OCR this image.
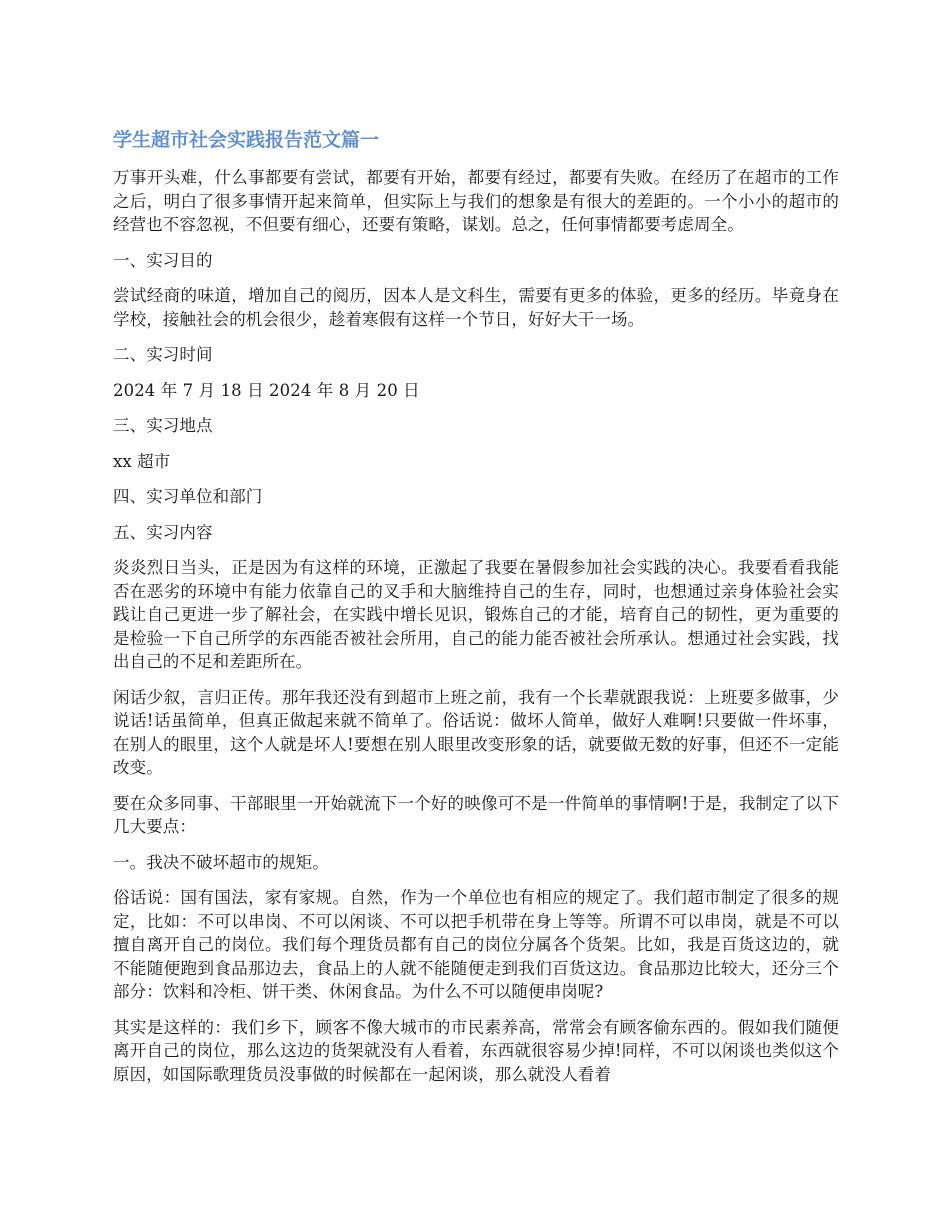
学生超市社会实践报告范文篇一

万事开头难，什么事都要有尝试，都要有开始，都要有经过，都要有失败。在经历了在超市的工作之后，明白了很多事情开起来简单，但实际上与我们的想象是有很大的差距的。一个小小的超市的经营也不容忽视，不但要有细心，还要有策略，谋划。总之，任何事情都要考虑周全。

一、实习目的

尝试经商的味道，增加自己的阅历，因本人是文科生，需要有更多的体验，更多的经历。毕竟身在学校，接触社会的机会很少，趁着寒假有这样一个节日，好好大干一场。

二、实习时间

2024 年 7 月 18 日 2024 年 8 月 20 日

三、实习地点

xx 超市

四、实习单位和部门

五、实习内容

炎炎烈日当头，正是因为有这样的环境，正激起了我要在暑假参加社会实践的决心。我要看看我能否在恶劣的环境中有能力依靠自己的叉手和大脑维持自己的生存，同时，也想通过亲身体验社会实践让自己更进一步了解社会，在实践中增长见识，锻炼自己的才能，培育自己的韧性，更为重要的是检验一下自己所学的东西能否被社会所用，自己的能力能否被社会所承认。想通过社会实践，找出自己的不足和差距所在。

闲话少叙，言归正传。那年我还没有到超市上班之前，我有一个长辈就跟我说：上班要多做事，少说话!话虽简单，但真正做起来就不简单了。俗话说：做坏人简单，做好人难啊!只要做一件坏事，在别人的眼里，这个人就是坏人!要想在别人眼里改变形象的话，就要做无数的好事，但还不一定能改变。

要在众多同事、干部眼里一开始就流下一个好的映像可不是一件简单的事情啊!于是，我制定了以下几大要点：

一。我决不破坏超市的规矩。

俗话说：国有国法，家有家规。自然，作为一个单位也有相应的规定了。我们超市制定了很多的规定，比如：不可以串岗、不可以闲谈、不可以把手机带在身上等等。所谓不可以串岗，就是不可以擅自离开自己的岗位。我们每个理货员都有自己的岗位分属各个货架。比如，我是百货这边的，就不能随便跑到食品那边去，食品上的人就不能随便走到我们百货这边。食品那边比较大，还分三个部分：饮料和冷柜、饼干类、休闲食品。为什么不可以随便串岗呢?

其实是这样的：我们乡下，顾客不像大城市的市民素养高，常常会有顾客偷东西的。假如我们随便离开自己的岗位，那么这边的货架就没有人看着，东西就很容易少掉!同样，不可以闲谈也类似这个原因，如国际歌理货员没事做的时候都在一起闲谈，那么就没人看着
